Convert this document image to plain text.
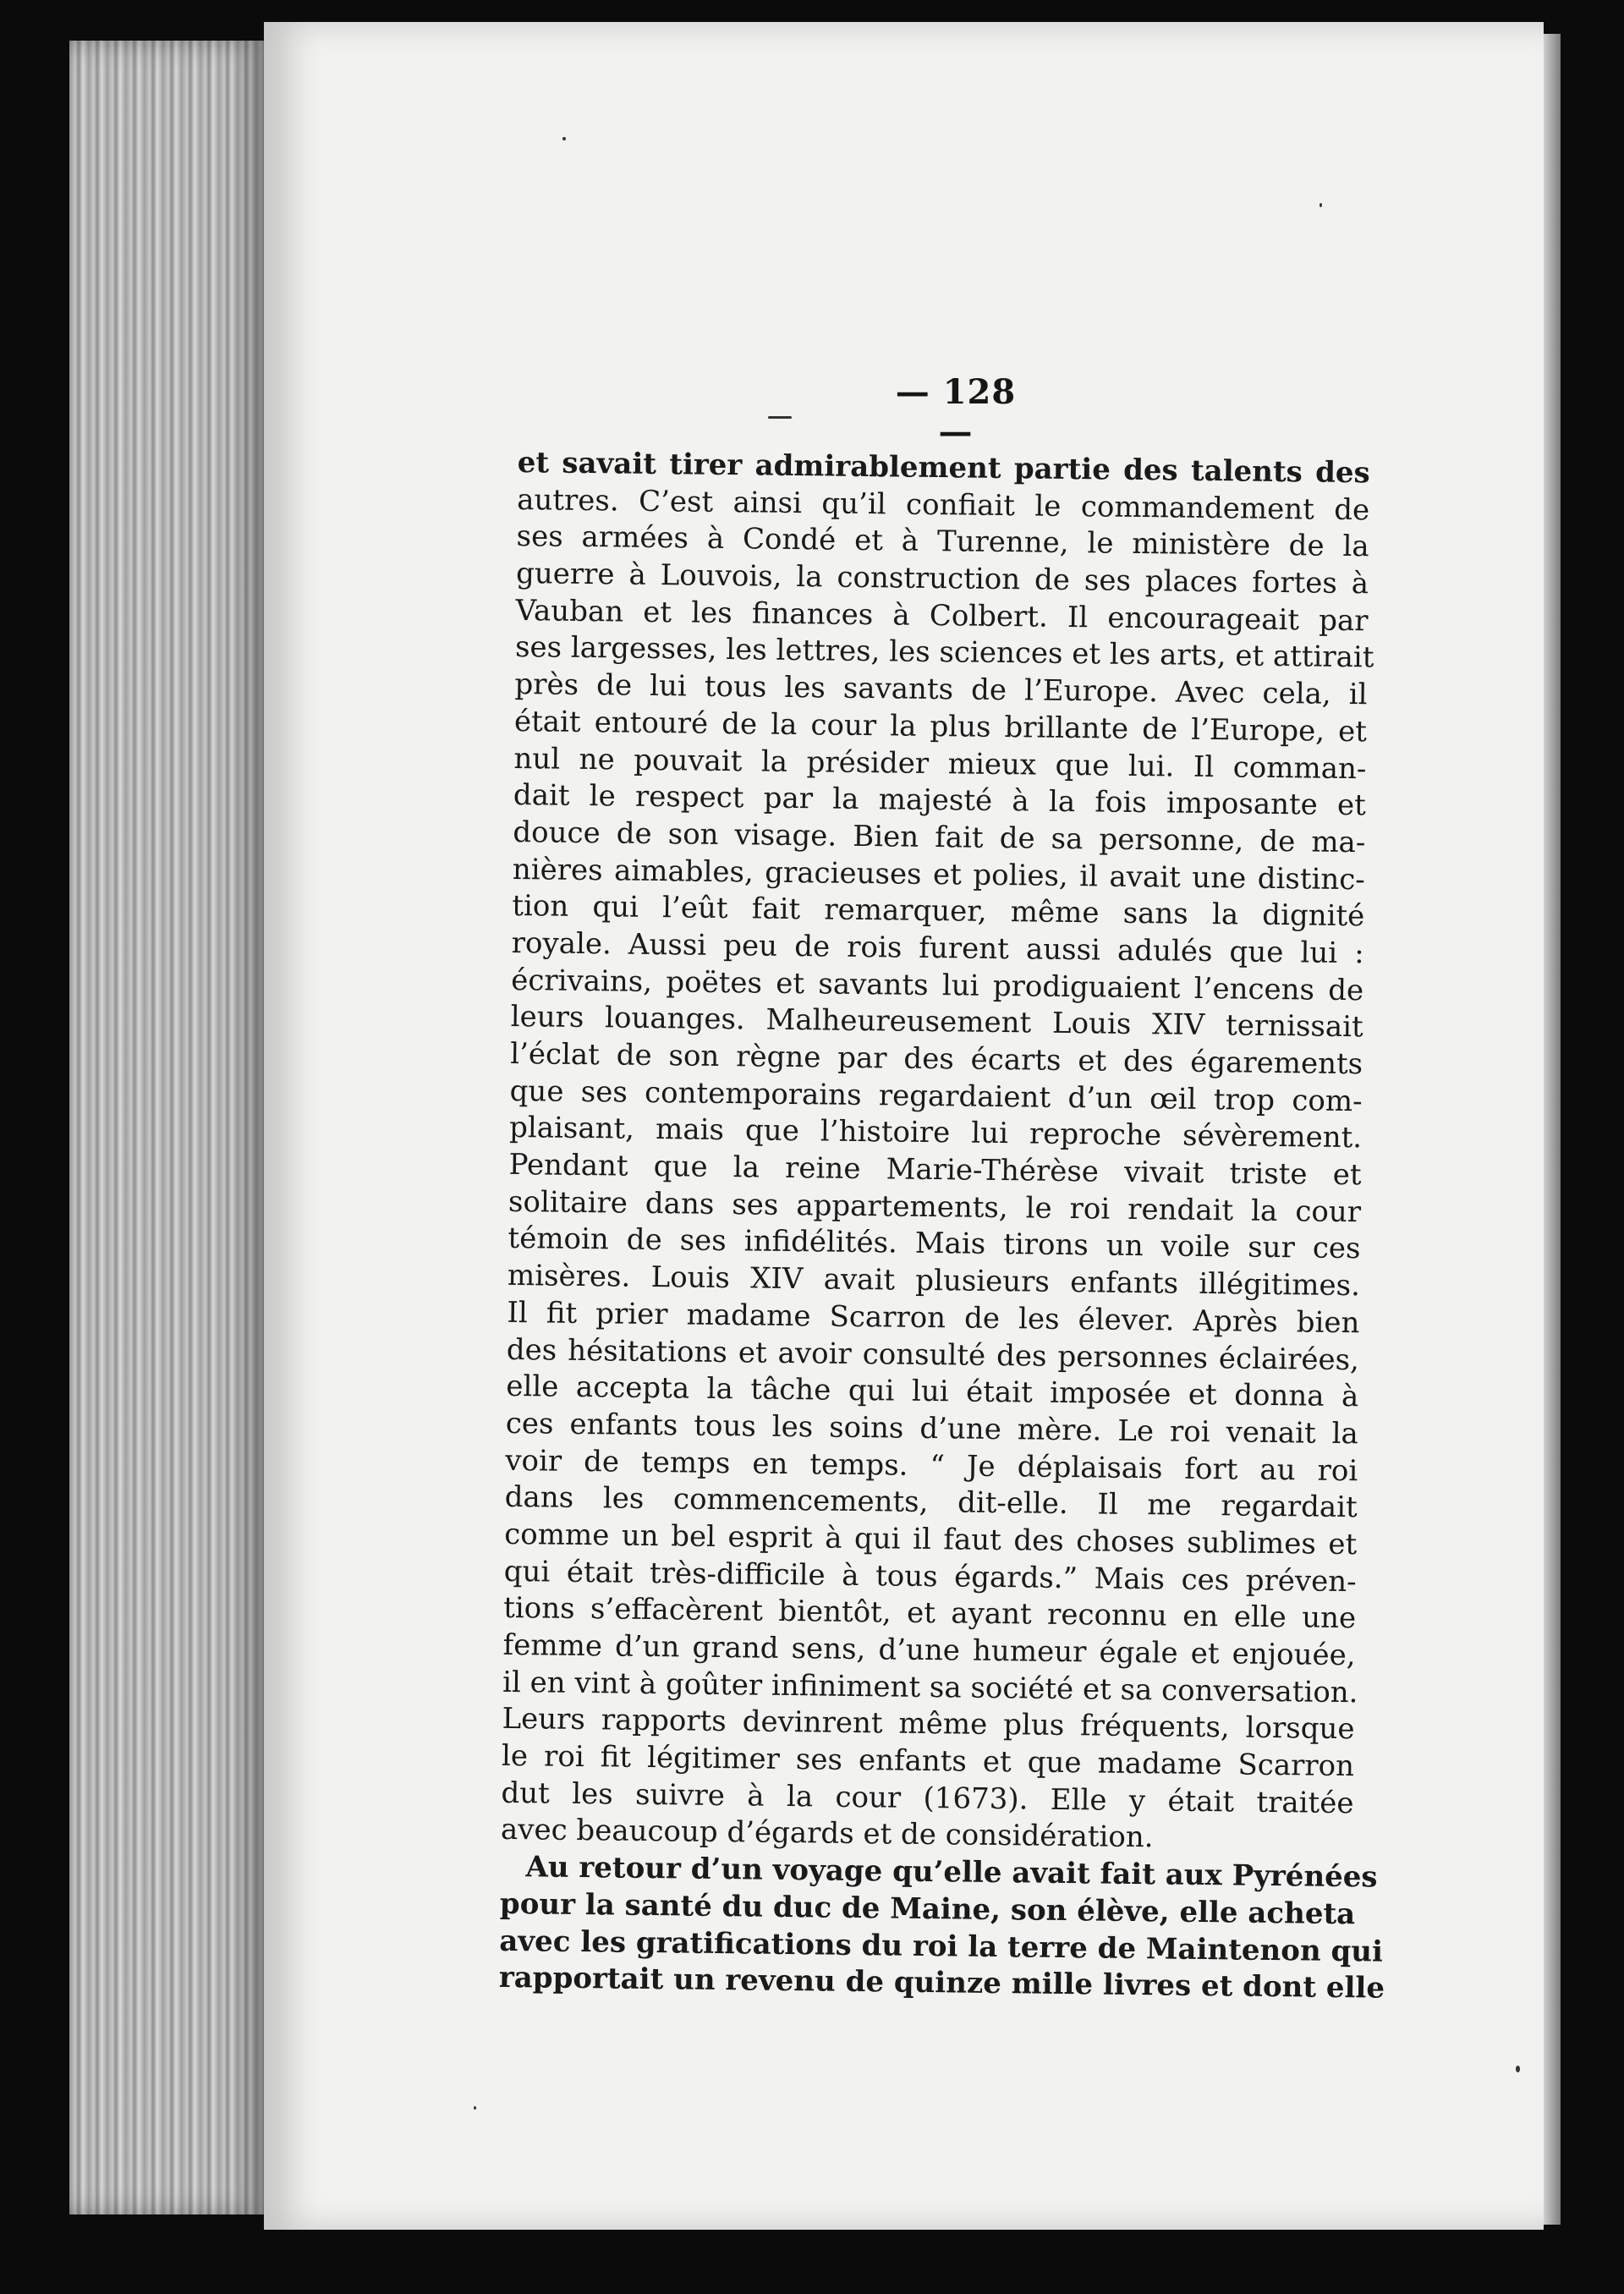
— 128 —
et savait tirer admirablement partie des talents des
autres. C’est ainsi qu’il confiait le commandement de
ses armées à Condé et à Turenne, le ministère de la
guerre à Louvois, la construction de ses places fortes à
Vauban et les finances à Colbert. Il encourageait par
ses largesses, les lettres, les sciences et les arts, et attirait
près de lui tous les savants de l’Europe. Avec cela, il
était entouré de la cour la plus brillante de l’Europe, et
nul ne pouvait la présider mieux que lui. Il comman-
dait le respect par la majesté à la fois imposante et
douce de son visage. Bien fait de sa personne, de ma-
nières aimables, gracieuses et polies, il avait une distinc-
tion qui l’eût fait remarquer, même sans la dignité
royale. Aussi peu de rois furent aussi adulés que lui :
écrivains, poëtes et savants lui prodiguaient l’encens de
leurs louanges. Malheureusement Louis XIV ternissait
l’éclat de son règne par des écarts et des égarements
que ses contemporains regardaient d’un œil trop com-
plaisant, mais que l’histoire lui reproche sévèrement.
Pendant que la reine Marie-Thérèse vivait triste et
solitaire dans ses appartements, le roi rendait la cour
témoin de ses infidélités. Mais tirons un voile sur ces
misères. Louis XIV avait plusieurs enfants illégitimes.
Il fit prier madame Scarron de les élever. Après bien
des hésitations et avoir consulté des personnes éclairées,
elle accepta la tâche qui lui était imposée et donna à
ces enfants tous les soins d’une mère. Le roi venait la
voir de temps en temps. “ Je déplaisais fort au roi
dans les commencements, dit-elle. Il me regardait
comme un bel esprit à qui il faut des choses sublimes et
qui était très-difficile à tous égards.” Mais ces préven-
tions s’effacèrent bientôt, et ayant reconnu en elle une
femme d’un grand sens, d’une humeur égale et enjouée,
il en vint à goûter infiniment sa société et sa conversation.
Leurs rapports devinrent même plus fréquents, lorsque
le roi fit légitimer ses enfants et que madame Scarron
dut les suivre à la cour (1673). Elle y était traitée
avec beaucoup d’égards et de considération.
Au retour d’un voyage qu’elle avait fait aux Pyrénées
pour la santé du duc de Maine, son élève, elle acheta
avec les gratifications du roi la terre de Maintenon qui
rapportait un revenu de quinze mille livres et dont elle
